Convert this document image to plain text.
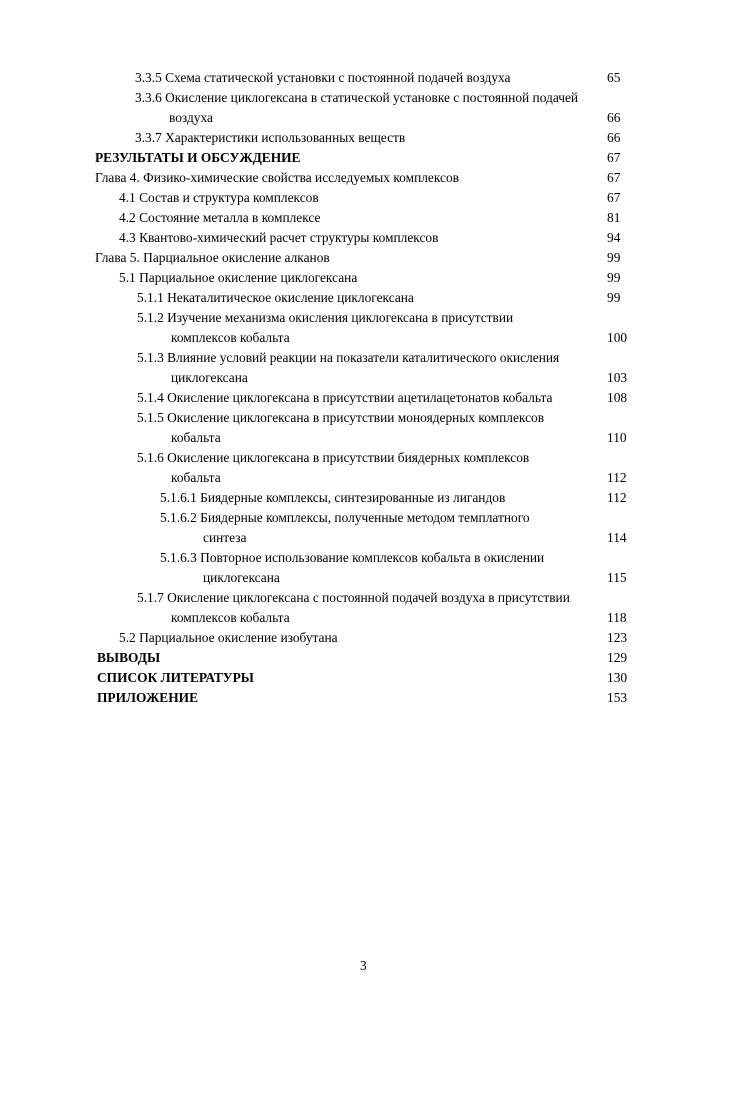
3.3.5 Схема статической установки с постоянной подачей воздуха	65
3.3.6 Окисление циклогексана в статической установке с постоянной подачей
воздуха	66
3.3.7 Характеристики использованных веществ	66
РЕЗУЛЬТАТЫ И ОБСУЖДЕНИЕ	67
Глава 4. Физико-химические свойства исследуемых комплексов	67
4.1 Состав и структура комплексов	67
4.2 Состояние металла в комплексе	81
4.3 Квантово-химический расчет структуры комплексов	94
Глава 5. Парциальное окисление алканов	99
5.1 Парциальное окисление циклогексана	99
5.1.1 Некаталитическое окисление циклогексана	99
5.1.2 Изучение механизма окисления циклогексана в присутствии
комплексов кобальта	100
5.1.3 Влияние условий реакции на показатели каталитического окисления
циклогексана	103
5.1.4 Окисление циклогексана в присутствии ацетилацетонатов кобальта	108
5.1.5 Окисление циклогексана в присутствии моноядерных комплексов
кобальта	110
5.1.6 Окисление циклогексана в присутствии биядерных комплексов
кобальта	112
5.1.6.1 Биядерные комплексы, синтезированные из лигандов	112
5.1.6.2 Биядерные комплексы, полученные методом темплатного
синтеза	114
5.1.6.3 Повторное использование комплексов кобальта в окислении
циклогексана	115
5.1.7 Окисление циклогексана с постоянной подачей воздуха в присутствии
комплексов кобальта	118
5.2 Парциальное окисление изобутана	123
ВЫВОДЫ	129
СПИСОК ЛИТЕРАТУРЫ	130
ПРИЛОЖЕНИЕ	153
3
